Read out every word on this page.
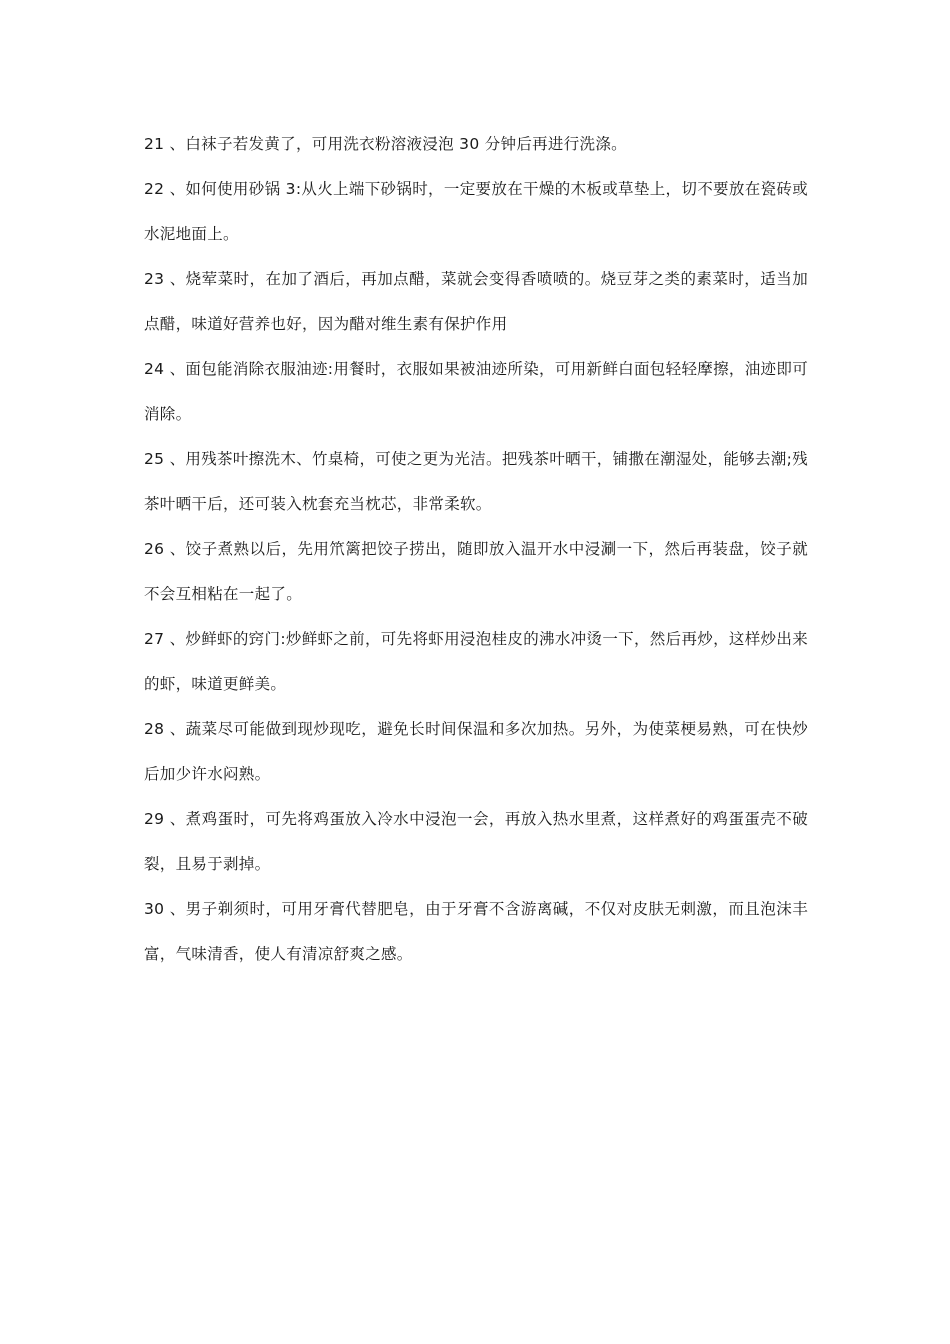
21 、白袜子若发黄了，可用洗衣粉溶液浸泡 30 分钟后再进行洗涤。

22 、如何使用砂锅 3:从火上端下砂锅时，一定要放在干燥的木板或草垫上，切不要放在瓷砖或水泥地面上。

23 、烧荤菜时，在加了酒后，再加点醋，菜就会变得香喷喷的。烧豆芽之类的素菜时，适当加点醋，味道好营养也好，因为醋对维生素有保护作用

24 、面包能消除衣服油迹:用餐时，衣服如果被油迹所染，可用新鲜白面包轻轻摩擦，油迹即可消除。

25 、用残茶叶擦洗木、竹桌椅，可使之更为光洁。把残茶叶晒干，铺撒在潮湿处，能够去潮;残茶叶晒干后，还可装入枕套充当枕芯，非常柔软。

26 、饺子煮熟以后，先用笊篱把饺子捞出，随即放入温开水中浸涮一下，然后再装盘，饺子就不会互相粘在一起了。

27 、炒鲜虾的窍门:炒鲜虾之前，可先将虾用浸泡桂皮的沸水冲烫一下，然后再炒，这样炒出来的虾，味道更鲜美。

28 、蔬菜尽可能做到现炒现吃，避免长时间保温和多次加热。另外，为使菜梗易熟，可在快炒后加少许水闷熟。

29 、煮鸡蛋时，可先将鸡蛋放入冷水中浸泡一会，再放入热水里煮，这样煮好的鸡蛋蛋壳不破裂，且易于剥掉。

30 、男子剃须时，可用牙膏代替肥皂，由于牙膏不含游离碱，不仅对皮肤无刺激，而且泡沫丰富，气味清香，使人有清凉舒爽之感。
